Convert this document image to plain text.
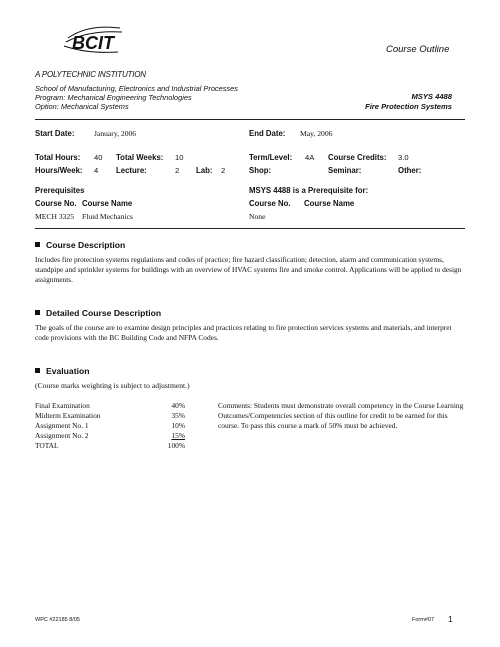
BCIT	Course Outline
A POLYTECHNIC INSTITUTION
School of Manufacturing, Electronics and Industrial Processes
Program: Mechanical Engineering Technologies
Option: Mechanical Systems
MSYS 4488
Fire Protection Systems
Start Date:	January, 2006	End Date: May, 2006
Total Hours: 40 Total Weeks: 10	Term/Level: 4A Course Credits: 3.0
Hours/Week: 4 Lecture:	2 Lab: 2	Shop:	Seminar:	Other:
Prerequisites
Course No. Course Name
MECH 3325 Fluid Mechanics
MSYS 4488 is a Prerequisite for:
Course No. Course Name
None
Course Description
Includes fire protection systems regulations and codes of practice; fire hazard classification; detection, alarm and communication systems, standpipe and sprinkler systems for buildings with an overview of HVAC systems fire and smoke control. Applications will be applied to design assignments.
Detailed Course Description
The goals of the course are to examine design principles and practices relating to fire protection services systems and materials, and interpret code provisions with the BC Building Code and NFPA Codes.
Evaluation
(Course marks weighting is subject to adjustment.)
Final Examination	40%
Midterm Examination	35%
Assignment No. 1	10%
Assignment No. 2	15%
TOTAL	100%
Comments: Students must demonstrate overall competency in the Course Learning Outcomes/Competencies section of this outline for credit to be earned for this course. To pass this course a mark of 50% must be achieved.
WPC #22185 8/05	Form#07 1
